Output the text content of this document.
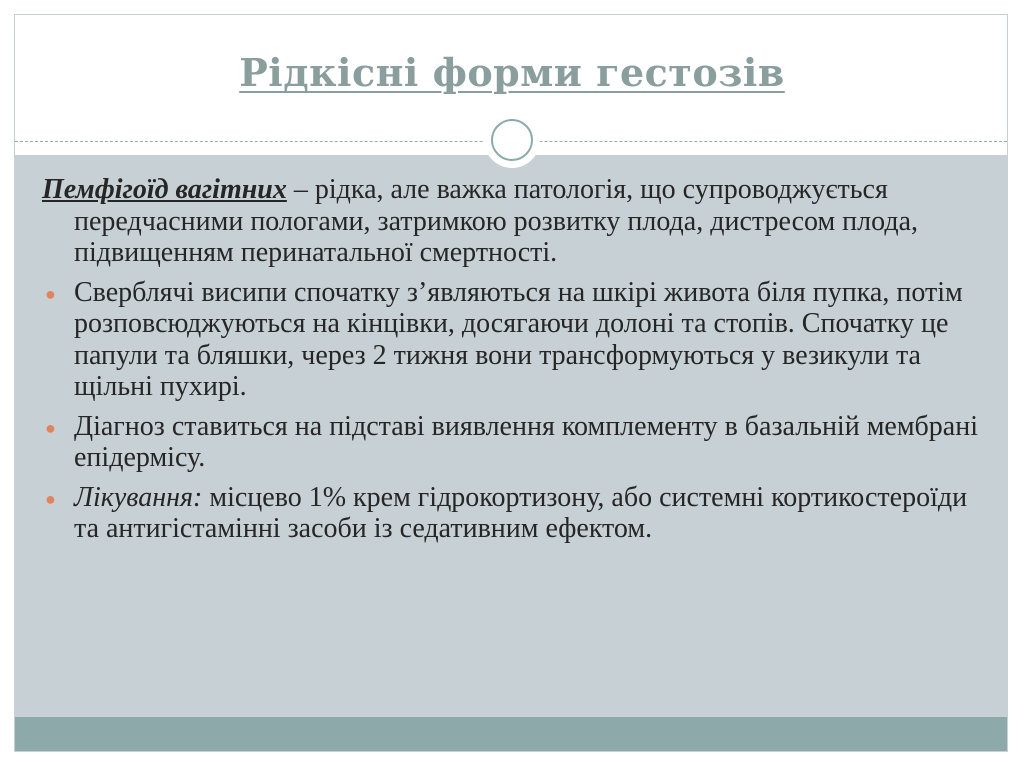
Рідкісні форми гестозів

Пемфігоїд вагітних – рідка, але важка патологія, що супроводжується передчасними пологами, затримкою розвитку плода, дистресом плода, підвищенням перинатальної смертності.

● Сверблячі висипи спочатку з’являються на шкірі живота біля пупка, потім розповсюджуються на кінцівки, досягаючи долоні та стопів. Спочатку це папули та бляшки, через 2 тижня вони трансформуються у везикули та щільні пухирі.
● Діагноз ставиться на підставі виявлення комплементу в базальній мембрані епідермісу.
● Лікування: місцево 1% крем гідрокортизону, або системні кортикостероїди та антигістамінні засоби із седативним ефектом.
